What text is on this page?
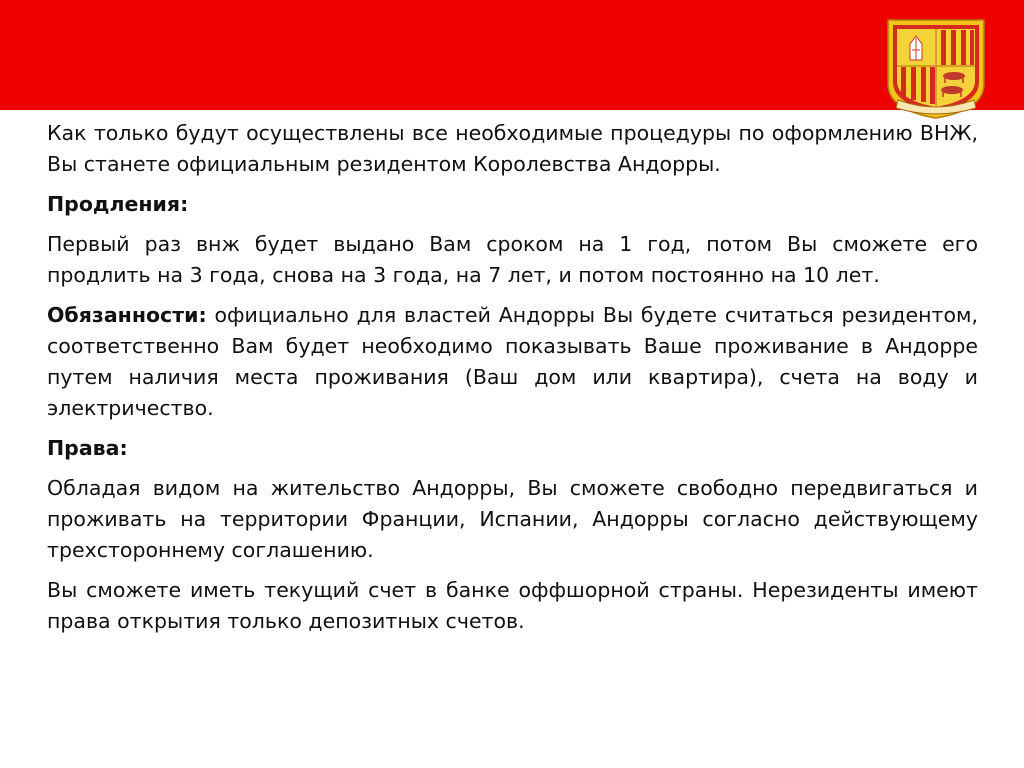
Как только будут осуществлены все необходимые процедуры по оформлению ВНЖ, Вы станете официальным резидентом Королевства Андорры.

Продления:

Первый раз внж будет выдано Вам сроком на 1 год, потом Вы сможете его продлить на 3 года, снова на 3 года, на 7 лет, и потом постоянно на 10 лет.

Обязанности: официально для властей Андорры Вы будете считаться резидентом, соответственно Вам будет необходимо показывать Ваше проживание в Андорре путем наличия места проживания (Ваш дом или квартира), счета на воду и электричество.

Права:

Обладая видом на жительство Андорры, Вы сможете свободно передвигаться и проживать на территории Франции, Испании, Андорры согласно действующему трехстороннему соглашению.

Вы сможете иметь текущий счет в банке оффшорной страны. Нерезиденты имеют права открытия только депозитных счетов.
